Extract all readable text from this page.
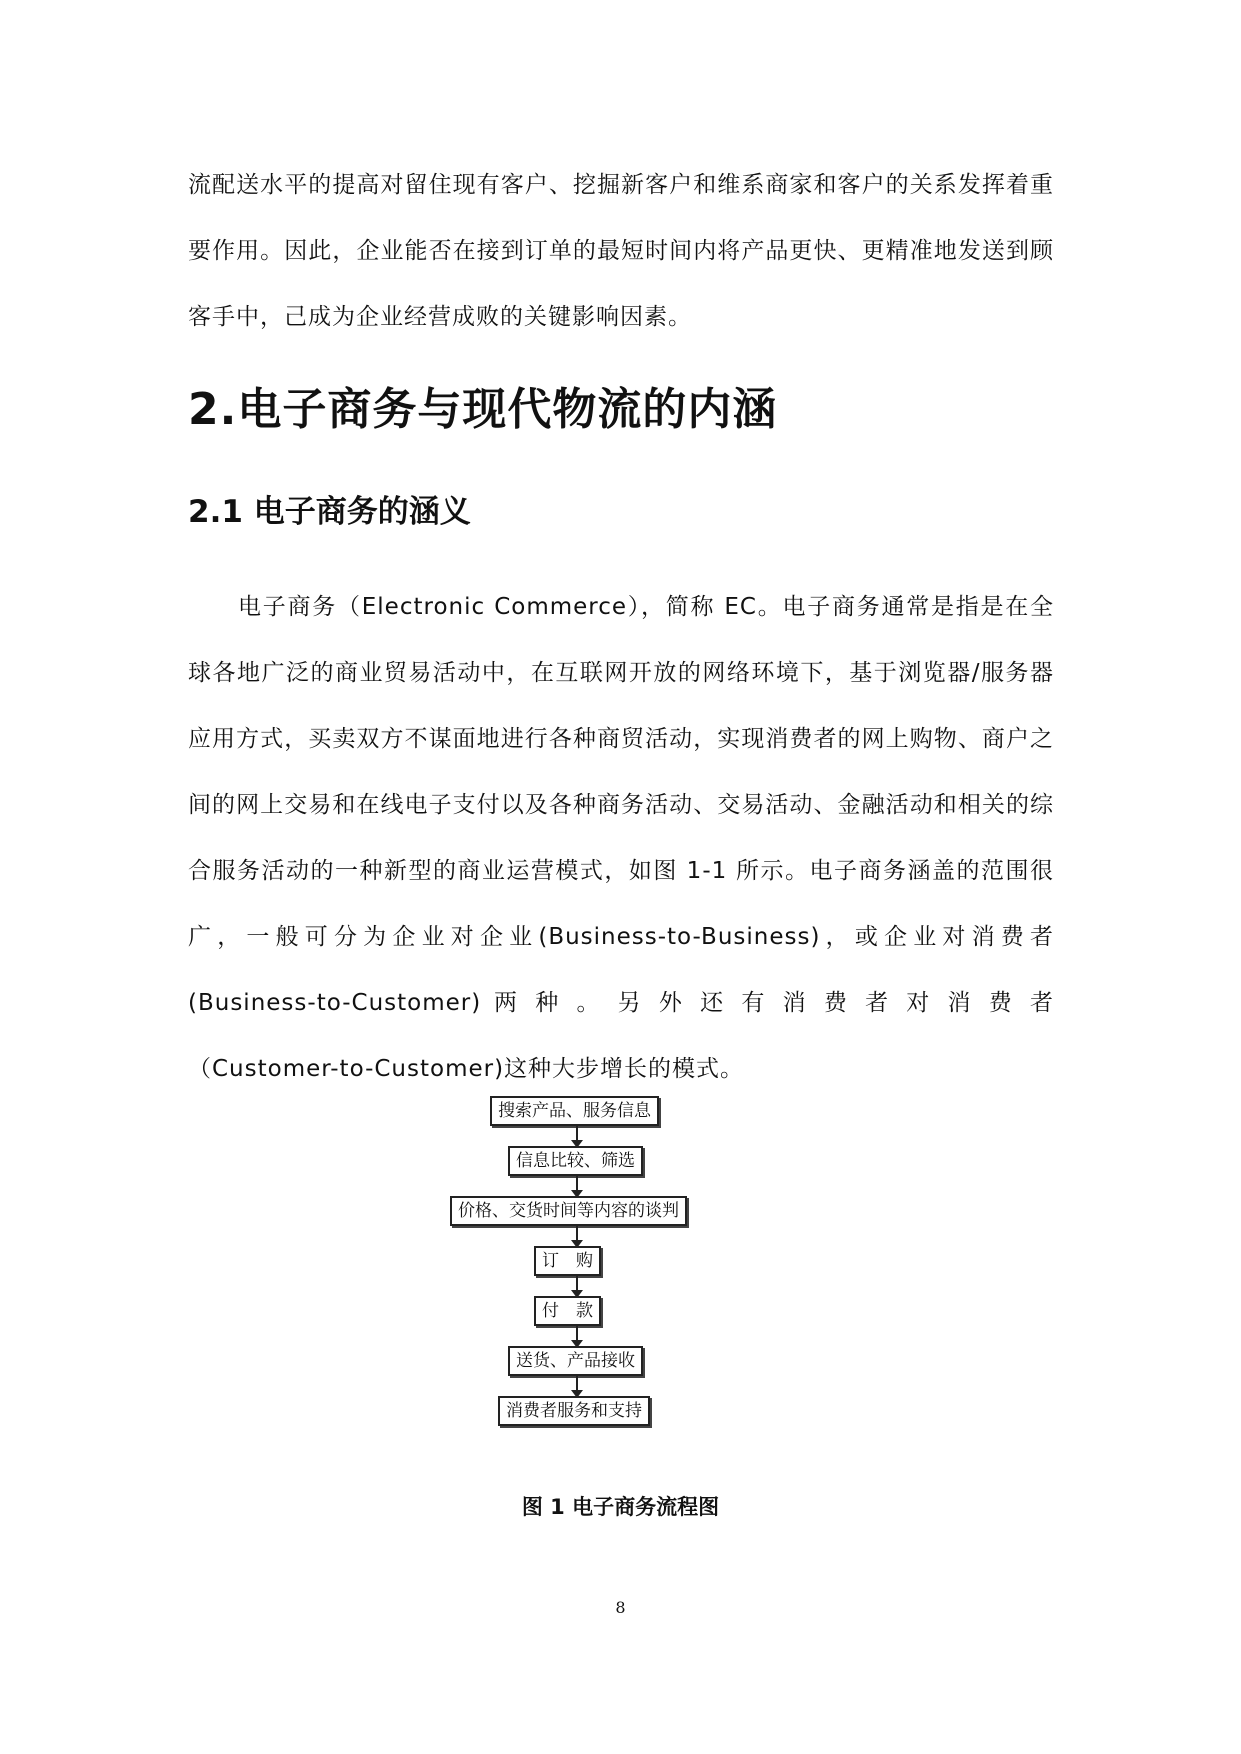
流配送水平的提高对留住现有客户、挖掘新客户和维系商家和客户的关系发挥着重要作用。因此，企业能否在接到订单的最短时间内将产品更快、更精准地发送到顾客手中，己成为企业经营成败的关键影响因素。

2.电子商务与现代物流的内涵
2.1 电子商务的涵义

电子商务（Electronic Commerce），简称 EC。电子商务通常是指是在全球各地广泛的商业贸易活动中，在互联网开放的网络环境下，基于浏览器/服务器应用方式，买卖双方不谋面地进行各种商贸活动，实现消费者的网上购物、商户之间的网上交易和在线电子支付以及各种商务活动、交易活动、金融活动和相关的综合服务活动的一种新型的商业运营模式，如图 1-1 所示。电子商务涵盖的范围很广，一般可分为企业对企业(Business-to-Business)，或企业对消费者(Business-to-Customer) 两 种 。 另 外 还 有 消 费 者 对 消 费 者（Customer-to-Customer)这种大步增长的模式。

搜索产品、服务信息
信息比较、筛选
价格、交货时间等内容的谈判
订　购
付　款
送货、产品接收
消费者服务和支持
图 1 电子商务流程图
8
